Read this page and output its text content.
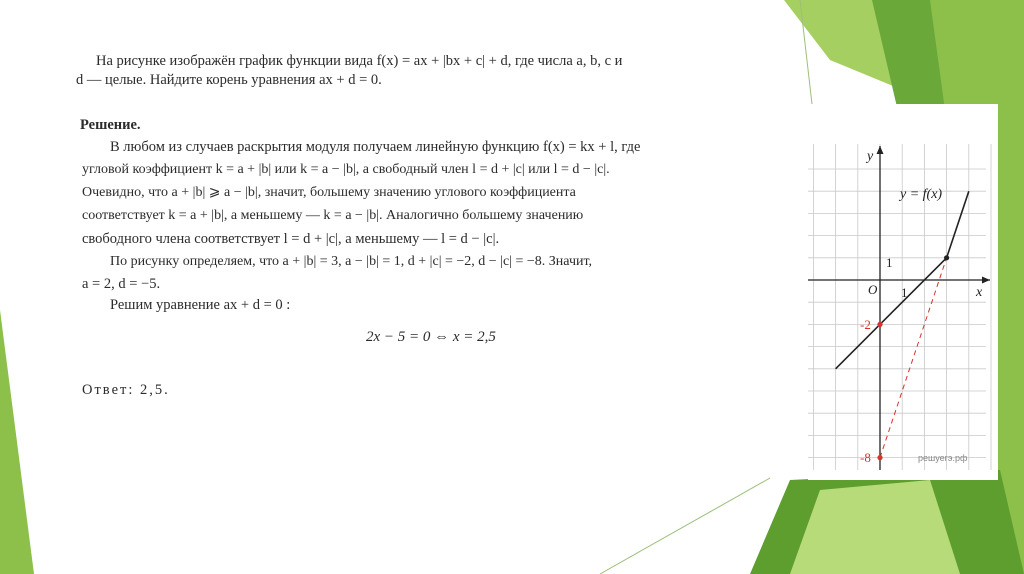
На рисунке изображён график функции вида f(x) = ax + |bx + c| + d, где числа a, b, c и
d — целые. Найдите корень уравнения ax + d = 0.
Решение.
В любом из случаев раскрытия модуля получаем линейную функцию f(x) = kx + l, где
угловой коэффициент k = a + |b| или k = a − |b|, а свободный член l = d + |c| или l = d − |c|.
Очевидно, что a + |b| ⩾ a − |b|, значит, большему значению углового коэффициента
соответствует k = a + |b|, а меньшему — k = a − |b|. Аналогично большему значению
свободного члена соответствует l = d + |c|, а меньшему — l = d − |c|.
По рисунку определяем, что a + |b| = 3, a − |b| = 1, d + |c| = −2, d − |c| = −8. Значит,
a = 2, d = −5.
Решим уравнение ax + d = 0 :
2x − 5 = 0 ⇔ x = 2,5
Ответ: 2,5.
y
x
y = f(x)
O 1
1
-2
-8	решуегэ.рф
